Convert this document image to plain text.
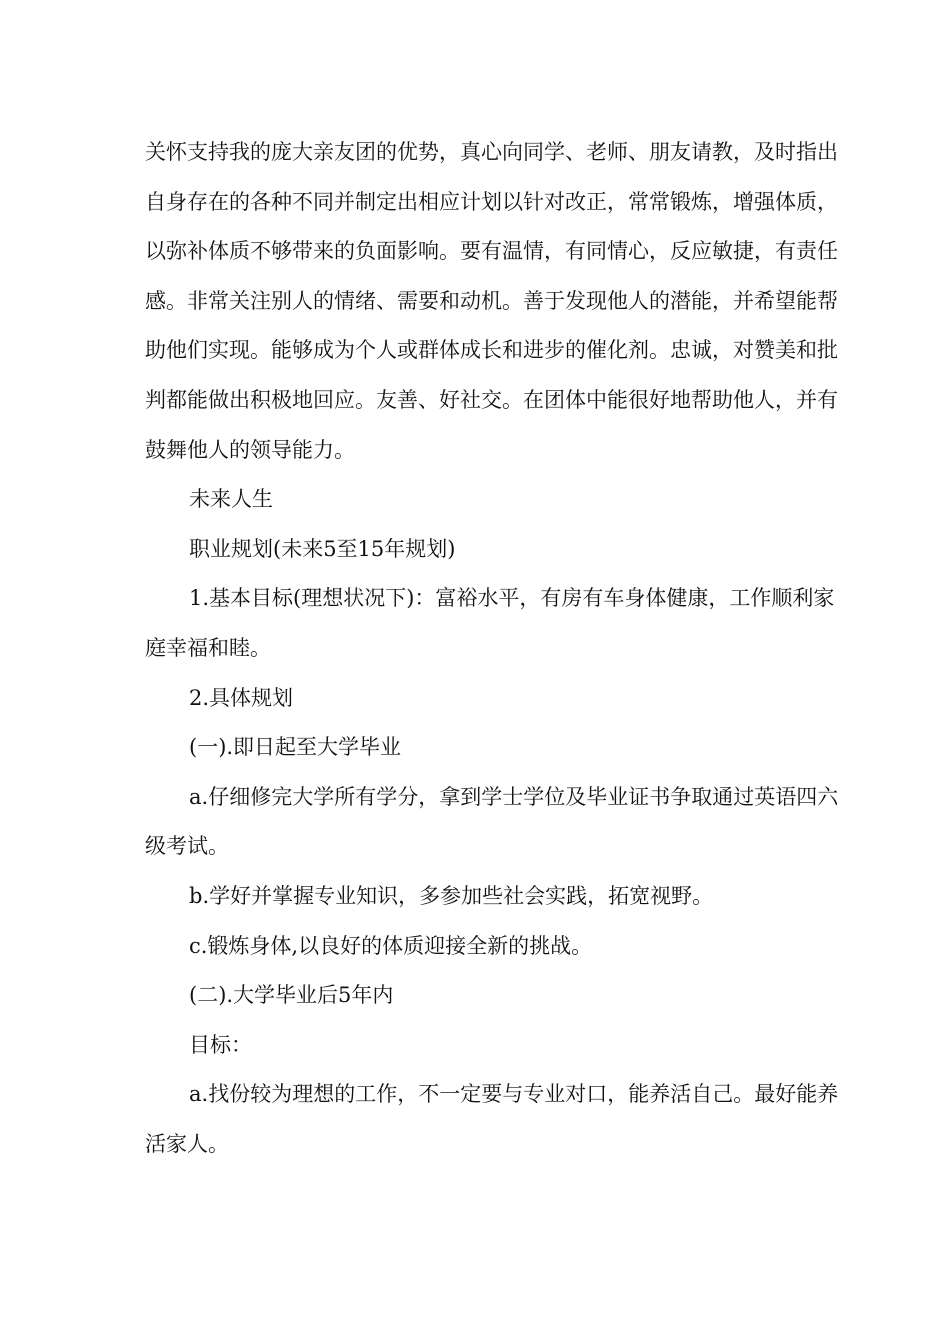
关怀支持我的庞大亲友团的优势，真心向同学、老师、朋友请教，及时指出自身存在的各种不同并制定出相应计划以针对改正，常常锻炼，增强体质，以弥补体质不够带来的负面影响。要有温情，有同情心，反应敏捷，有责任感。非常关注别人的情绪、需要和动机。善于发现他人的潜能，并希望能帮助他们实现。能够成为个人或群体成长和进步的催化剂。忠诚，对赞美和批判都能做出积极地回应。友善、好社交。在团体中能很好地帮助他人，并有鼓舞他人的领导能力。

未来人生

职业规划(未来5至15年规划)

1.基本目标(理想状况下)：富裕水平，有房有车身体健康，工作顺利家庭幸福和睦。

2.具体规划

(一).即日起至大学毕业

a.仔细修完大学所有学分，拿到学士学位及毕业证书争取通过英语四六级考试。

b.学好并掌握专业知识，多参加些社会实践，拓宽视野。

c.锻炼身体,以良好的体质迎接全新的挑战。

(二).大学毕业后5年内

目标：

a.找份较为理想的工作，不一定要与专业对口，能养活自己。最好能养活家人。
